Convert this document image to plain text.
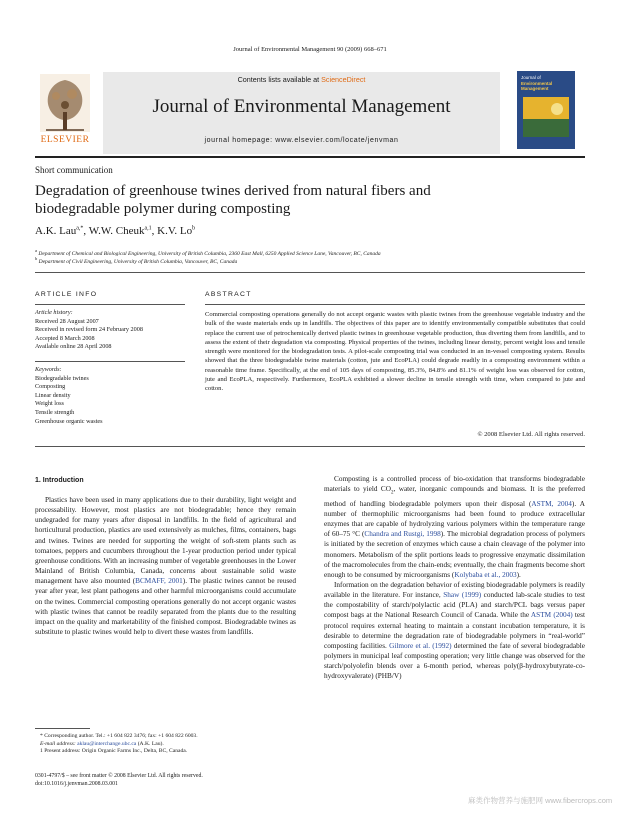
Journal of Environmental Management 90 (2009) 668–671
ELSEVIER
Contents lists available at ScienceDirect
Journal of Environmental Management
journal homepage: www.elsevier.com/locate/jenvman
Journal of
Environmental Management
Short communication
Degradation of greenhouse twines derived from natural fibers and biodegradable polymer during composting
A.K. Lau$^{a,*}$, W.W. Cheuk$^{a,1}$, K.V. Lo$^b$
$^a$ Department of Chemical and Biological Engineering, University of British Columbia, 2360 East Mall, 6250 Applied Science Lane, Vancouver, BC, Canada
$^b$ Department of Civil Engineering, University of British Columbia, Vancouver, BC, Canada
ARTICLE INFO
Article history:
Received 28 August 2007
Received in revised form 24 February 2008
Accepted 8 March 2008
Available online 28 April 2008
Keywords:
Biodegradable twines
Composting
Linear density
Weight loss
Tensile strength
Greenhouse organic wastes
ABSTRACT
Commercial composting operations generally do not accept organic wastes with plastic twines from the greenhouse vegetable industry and the bulk of the waste materials ends up in landfills. The objectives of this paper are to identify environmentally compatible substitutes that could replace the current use of petrochemically derived plastic twines in greenhouse vegetable production, thus diverting them from landfills, and to assess the extent of their degradation via composting. Physical properties of the twines, including linear density, percent weight loss and tensile strength were monitored for the biodegradation tests. A pilot-scale composting trial was conducted in an in-vessel composting system. Results showed that the three biodegradable twine materials (cotton, jute and EcoPLA) could degrade readily in a composting environment within a reasonable time frame. Specifically, at the end of 105 days of composting, 85.3%, 84.8% and 81.1% of weight loss was observed for cotton, jute and EcoPLA, respectively. Furthermore, EcoPLA exhibited a slower decline in tensile strength with time, when compared to jute and cotton.
© 2008 Elsevier Ltd. All rights reserved.
1. Introduction

Plastics have been used in many applications due to their durability, light weight and processability. However, most plastics are not biodegradable; hence they remain undegraded for many years after disposal in landfills. In the field of agricultural and horticultural production, plastics are used extensively as mulches, films, containers, bags and twines. Twines are needed for supporting the weight of soft-stem plants such as tomatoes, peppers and cucumbers throughout the 1-year production period under typical greenhouse conditions. With an increasing number of vegetable greenhouses in the Lower Mainland of British Columbia, Canada, concerns about sustainable solid waste management have also mounted (BCMAFF, 2001). The plastic twines cannot be reused year after year, lest plant pathogens and other harmful microorganisms could accumulate on the twines. Commercial composting operations generally do not accept organic wastes with plastic twines that cannot be readily separated from the plants due to the resulting impact on the quality and marketability of the finished compost. Biodegradable twines as substitute to plastic twines would help to divert these wastes from landfills.

Composting is a controlled process of bio-oxidation that transforms biodegradable materials to yield $CO_2$, water, inorganic compounds and biomass. It is the preferred method of handling biodegradable polymers upon their disposal (ASTM, 2004). A number of thermophilic microorganisms had been found to produce extracellular enzymes that are capable of hydrolyzing various polymers within the temperature range of 60–75 °C (Chandra and Rustgi, 1998). The microbial degradation process of polymers is initiated by the secretion of enzymes which cause a chain cleavage of the polymer into monomers. Metabolism of the split portions leads to progressive enzymatic dissimilation of the macromolecules from the chain-ends; eventually, the chain fragments become short enough to be consumed by microorganisms (Kolybaba et al., 2003).

Information on the degradation behavior of existing biodegradable polymers is readily available in the literature. For instance, Shaw (1999) conducted lab-scale studies to test the compostability of starch/polylactic acid (PLA) and starch/PCL bags versus paper compost bags at the National Research Council of Canada. While the ASTM (2004) test protocol requires external heating to maintain a constant incubation temperature, it is desirable to determine the degradation rate of biodegradable polymers in “real-world” composting facilities. Gilmore et al. (1992) determined the fate of several biodegradable polymers in municipal leaf composting operation; very little change was observed for the starch/polyolefin blends over a 6-month period, whereas poly(β-hydroxybutyrate-co-hydroxyvalerate) (PHB/V)

* Corresponding author. Tel.: +1 604 822 3476; fax: +1 604 822 6003.
E-mail address: aklau@interchange.ubc.ca (A.K. Lau).
1 Present address: Origin Organic Farms Inc., Delta, BC, Canada.
0301-4797/$ – see front matter © 2008 Elsevier Ltd. All rights reserved.
doi:10.1016/j.jenvman.2008.03.001
麻类作物营养与施肥网 www.fibercrops.com
